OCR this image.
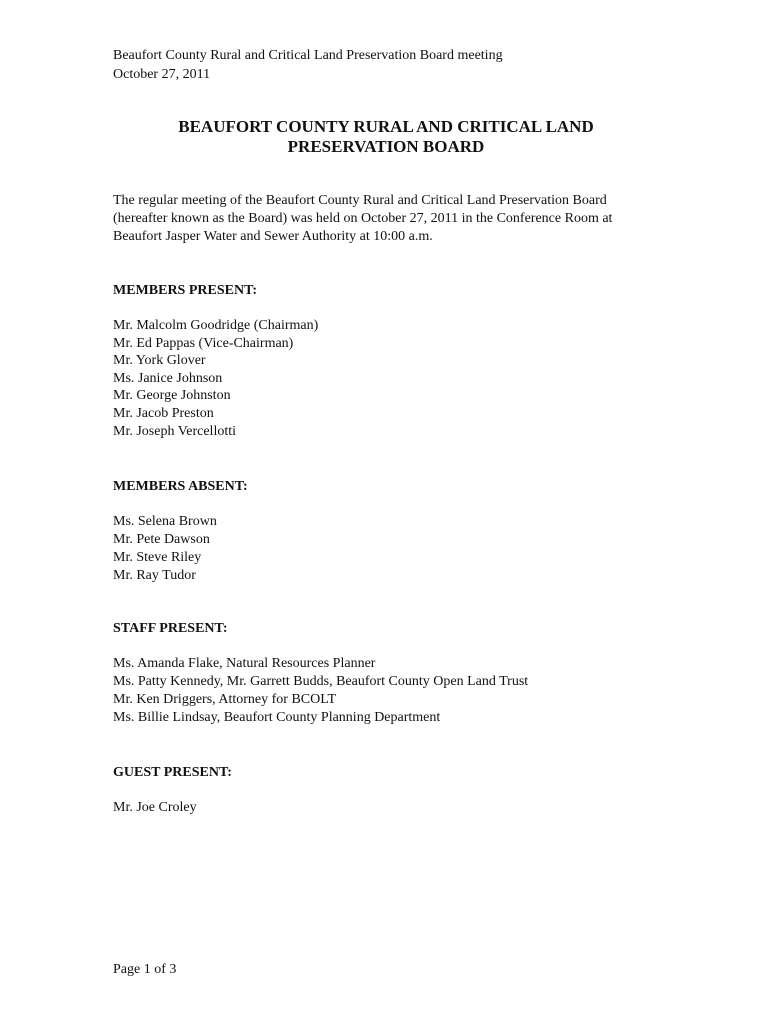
Beaufort County Rural and Critical Land Preservation Board meeting
October 27, 2011
BEAUFORT COUNTY RURAL AND CRITICAL LAND
PRESERVATION BOARD
The regular meeting of the Beaufort County Rural and Critical Land Preservation Board
(hereafter known as the Board) was held on October 27, 2011 in the Conference Room at
Beaufort Jasper Water and Sewer Authority at 10:00 a.m.
MEMBERS PRESENT:
Mr. Malcolm Goodridge (Chairman)
Mr. Ed Pappas (Vice-Chairman)
Mr. York Glover
Ms. Janice Johnson
Mr. George Johnston
Mr. Jacob Preston
Mr. Joseph Vercellotti
MEMBERS ABSENT:
Ms. Selena Brown
Mr. Pete Dawson
Mr. Steve Riley
Mr. Ray Tudor
STAFF PRESENT:
Ms. Amanda Flake, Natural Resources Planner
Ms. Patty Kennedy, Mr. Garrett Budds, Beaufort County Open Land Trust
Mr. Ken Driggers, Attorney for BCOLT
Ms. Billie Lindsay, Beaufort County Planning Department
GUEST PRESENT:
Mr. Joe Croley
Page 1 of 3
